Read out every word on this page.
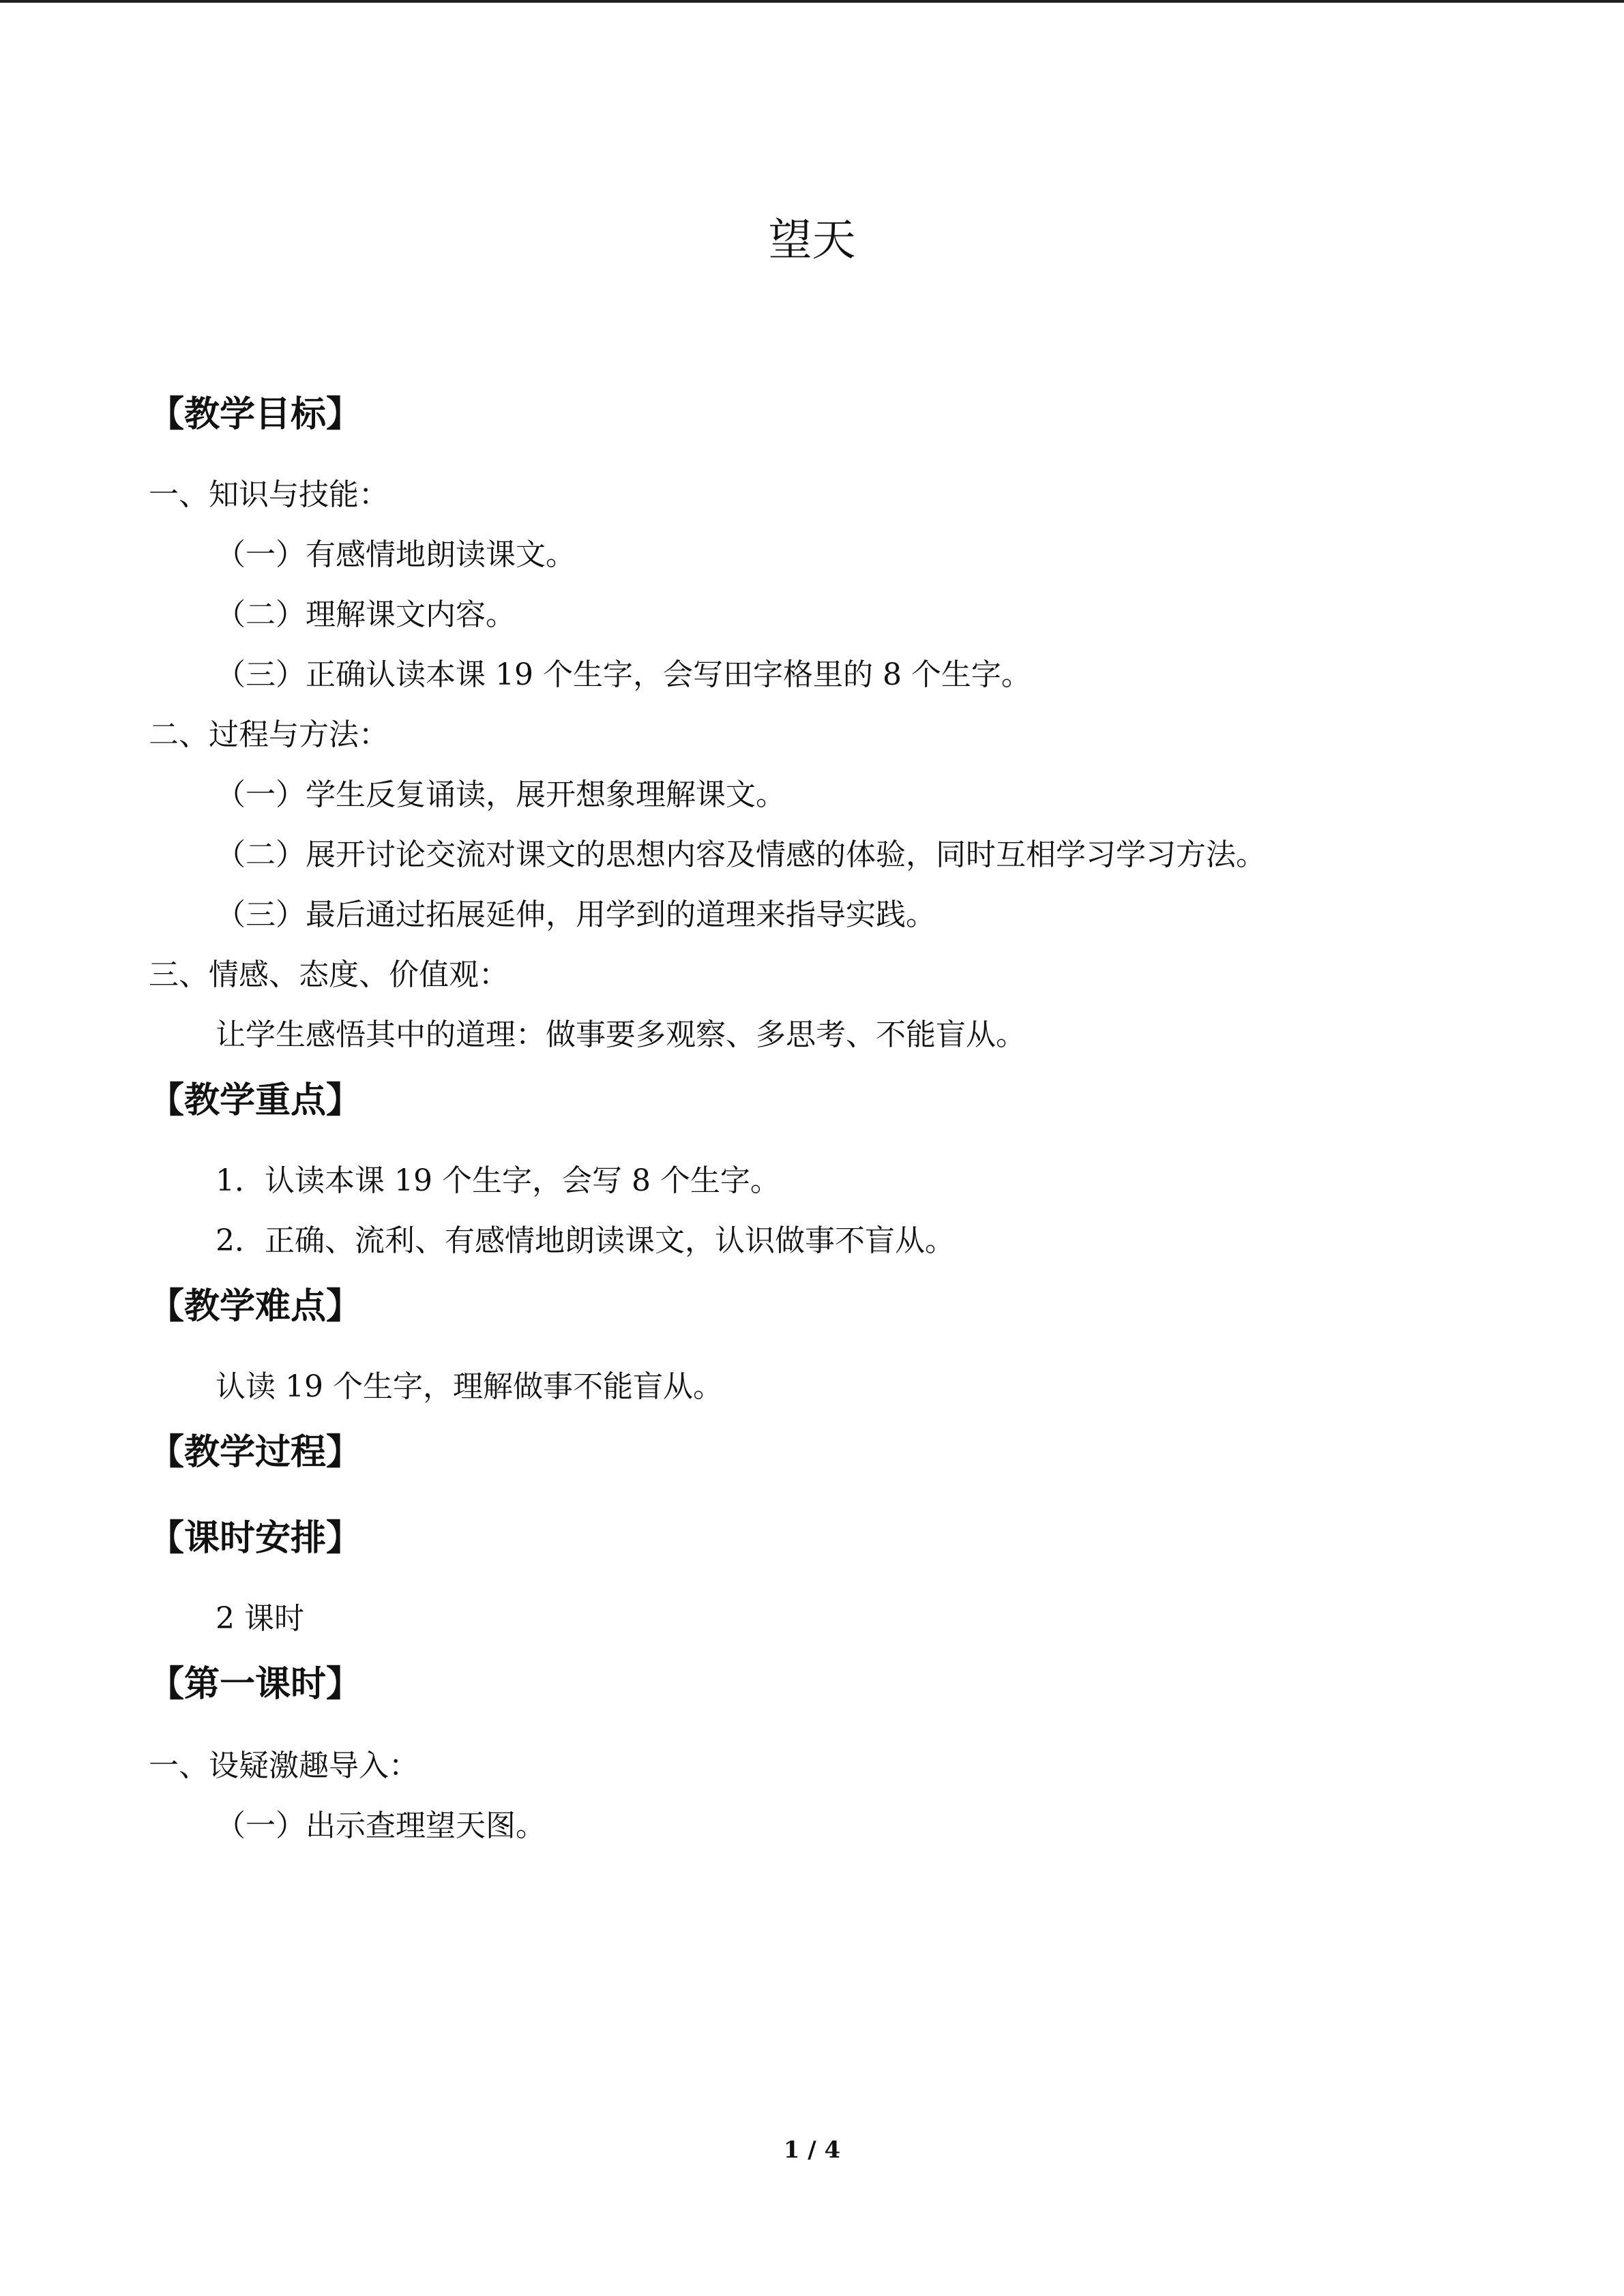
望天
【教学目标】
一、知识与技能：
（一）有感情地朗读课文。
（二）理解课文内容。
（三）正确认读本课 19 个生字，会写田字格里的 8 个生字。
二、过程与方法：
（一）学生反复诵读，展开想象理解课文。
（二）展开讨论交流对课文的思想内容及情感的体验，同时互相学习学习方法。
（三）最后通过拓展延伸，用学到的道理来指导实践。
三、情感、态度、价值观：
让学生感悟其中的道理：做事要多观察、多思考、不能盲从。
【教学重点】
1．认读本课 19 个生字，会写 8 个生字。
2．正确、流利、有感情地朗读课文，认识做事不盲从。
【教学难点】
认读 19 个生字，理解做事不能盲从。
【教学过程】
【课时安排】
2 课时
【第一课时】
一、设疑激趣导入：
（一）出示查理望天图。
1 / 4
